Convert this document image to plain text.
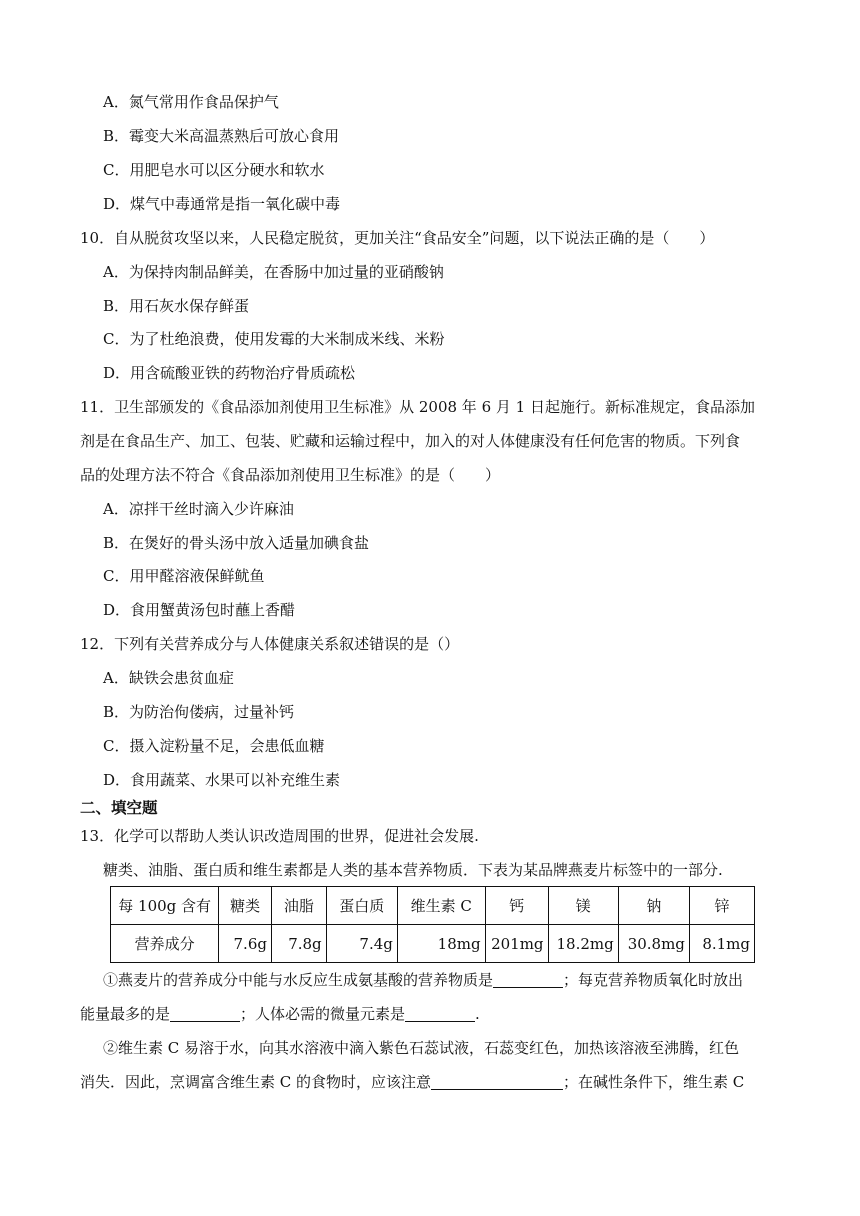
A．氮气常用作食品保护气
B．霉变大米高温蒸熟后可放心食用
C．用肥皂水可以区分硬水和软水
D．煤气中毒通常是指一氧化碳中毒
10．自从脱贫攻坚以来，人民稳定脱贫，更加关注“食品安全”问题，以下说法正确的是（　　）
A．为保持肉制品鲜美，在香肠中加过量的亚硝酸钠
B．用石灰水保存鲜蛋
C．为了杜绝浪费，使用发霉的大米制成米线、米粉
D．用含硫酸亚铁的药物治疗骨质疏松
11．卫生部颁发的《食品添加剂使用卫生标准》从 2008 年 6 月 1 日起施行。新标准规定，食品添加
剂是在食品生产、加工、包装、贮藏和运输过程中，加入的对人体健康没有任何危害的物质。下列食
品的处理方法不符合《食品添加剂使用卫生标准》的是（　　）
A．凉拌干丝时滴入少许麻油
B．在煲好的骨头汤中放入适量加碘食盐
C．用甲醛溶液保鲜鱿鱼
D．食用蟹黄汤包时蘸上香醋
12．下列有关营养成分与人体健康关系叙述错误的是（）
A．缺铁会患贫血症
B．为防治佝偻病，过量补钙
C．摄入淀粉量不足，会患低血糖
D．食用蔬菜、水果可以补充维生素
二、填空题
13．化学可以帮助人类认识改造周围的世界，促进社会发展.
糖类、油脂、蛋白质和维生素都是人类的基本营养物质．下表为某品牌燕麦片标签中的一部分.
每 100g 含有	糖类	油脂	蛋白质	维生素 C	钙	镁	钠	锌
营养成分	7.6g	7.8g	7.4g	18mg	201mg	18.2mg	30.8mg	8.1mg
①燕麦片的营养成分中能与水反应生成氨基酸的营养物质是	；每克营养物质氧化时放出
能量最多的是	；人体必需的微量元素是	.
②维生素 C 易溶于水，向其水溶液中滴入紫色石蕊试液，石蕊变红色，加热该溶液至沸腾，红色
消失．因此，烹调富含维生素 C 的食物时，应该注意	；在碱性条件下，维生素 C
